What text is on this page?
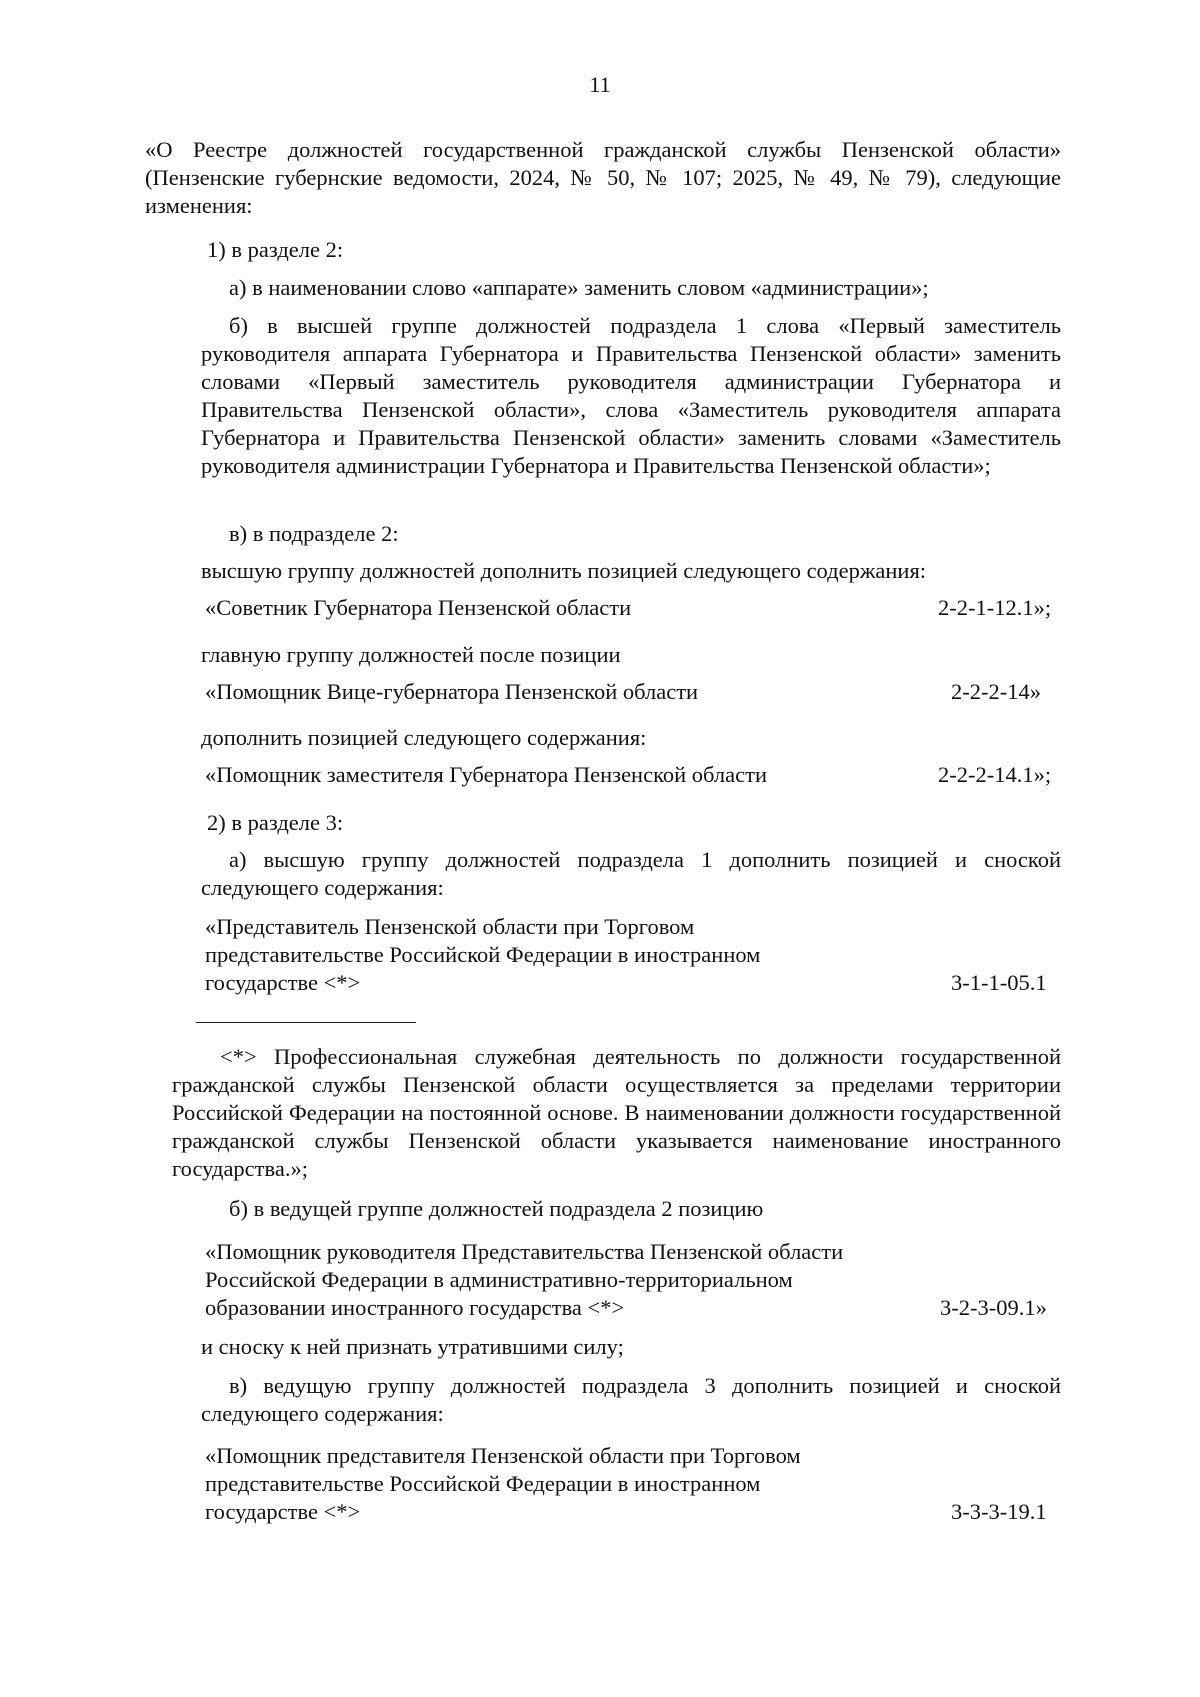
11
«О Реестре должностей государственной гражданской службы Пензенской области» (Пензенские губернские ведомости, 2024, № 50, № 107; 2025, № 49, № 79), следующие изменения:
1) в разделе 2:
а) в наименовании слово «аппарате» заменить словом «администрации»;
б) в высшей группе должностей подраздела 1 слова «Первый заместитель руководителя аппарата Губернатора и Правительства Пензенской области» заменить словами «Первый заместитель руководителя администрации Губернатора и Правительства Пензенской области», слова «Заместитель руководителя аппарата Губернатора и Правительства Пензенской области» заменить словами «Заместитель руководителя администрации Губернатора и Правительства Пензенской области»;
в) в подразделе 2:
высшую группу должностей дополнить позицией следующего содержания:
«Советник Губернатора Пензенской области	2-2-1-12.1»;
главную группу должностей после позиции
«Помощник Вице-губернатора Пензенской области	2-2-2-14»
дополнить позицией следующего содержания:
«Помощник заместителя Губернатора Пензенской области	2-2-2-14.1»;
2) в разделе 3:
а) высшую группу должностей подраздела 1 дополнить позицией и сноской следующего содержания:
«Представитель Пензенской области при Торговом
представительстве Российской Федерации в иностранном
государстве <*>	3-1-1-05.1
<*> Профессиональная служебная деятельность по должности государственной гражданской службы Пензенской области осуществляется за пределами территории Российской Федерации на постоянной основе. В наименовании должности государственной гражданской службы Пензенской области указывается наименование иностранного государства.»;
б) в ведущей группе должностей подраздела 2 позицию
«Помощник руководителя Представительства Пензенской области
Российской Федерации в административно-территориальном
образовании иностранного государства <*>	3-2-3-09.1»
и сноску к ней признать утратившими силу;
в) ведущую группу должностей подраздела 3 дополнить позицией и сноской следующего содержания:
«Помощник представителя Пензенской области при Торговом
представительстве Российской Федерации в иностранном
государстве <*>	3-3-3-19.1
